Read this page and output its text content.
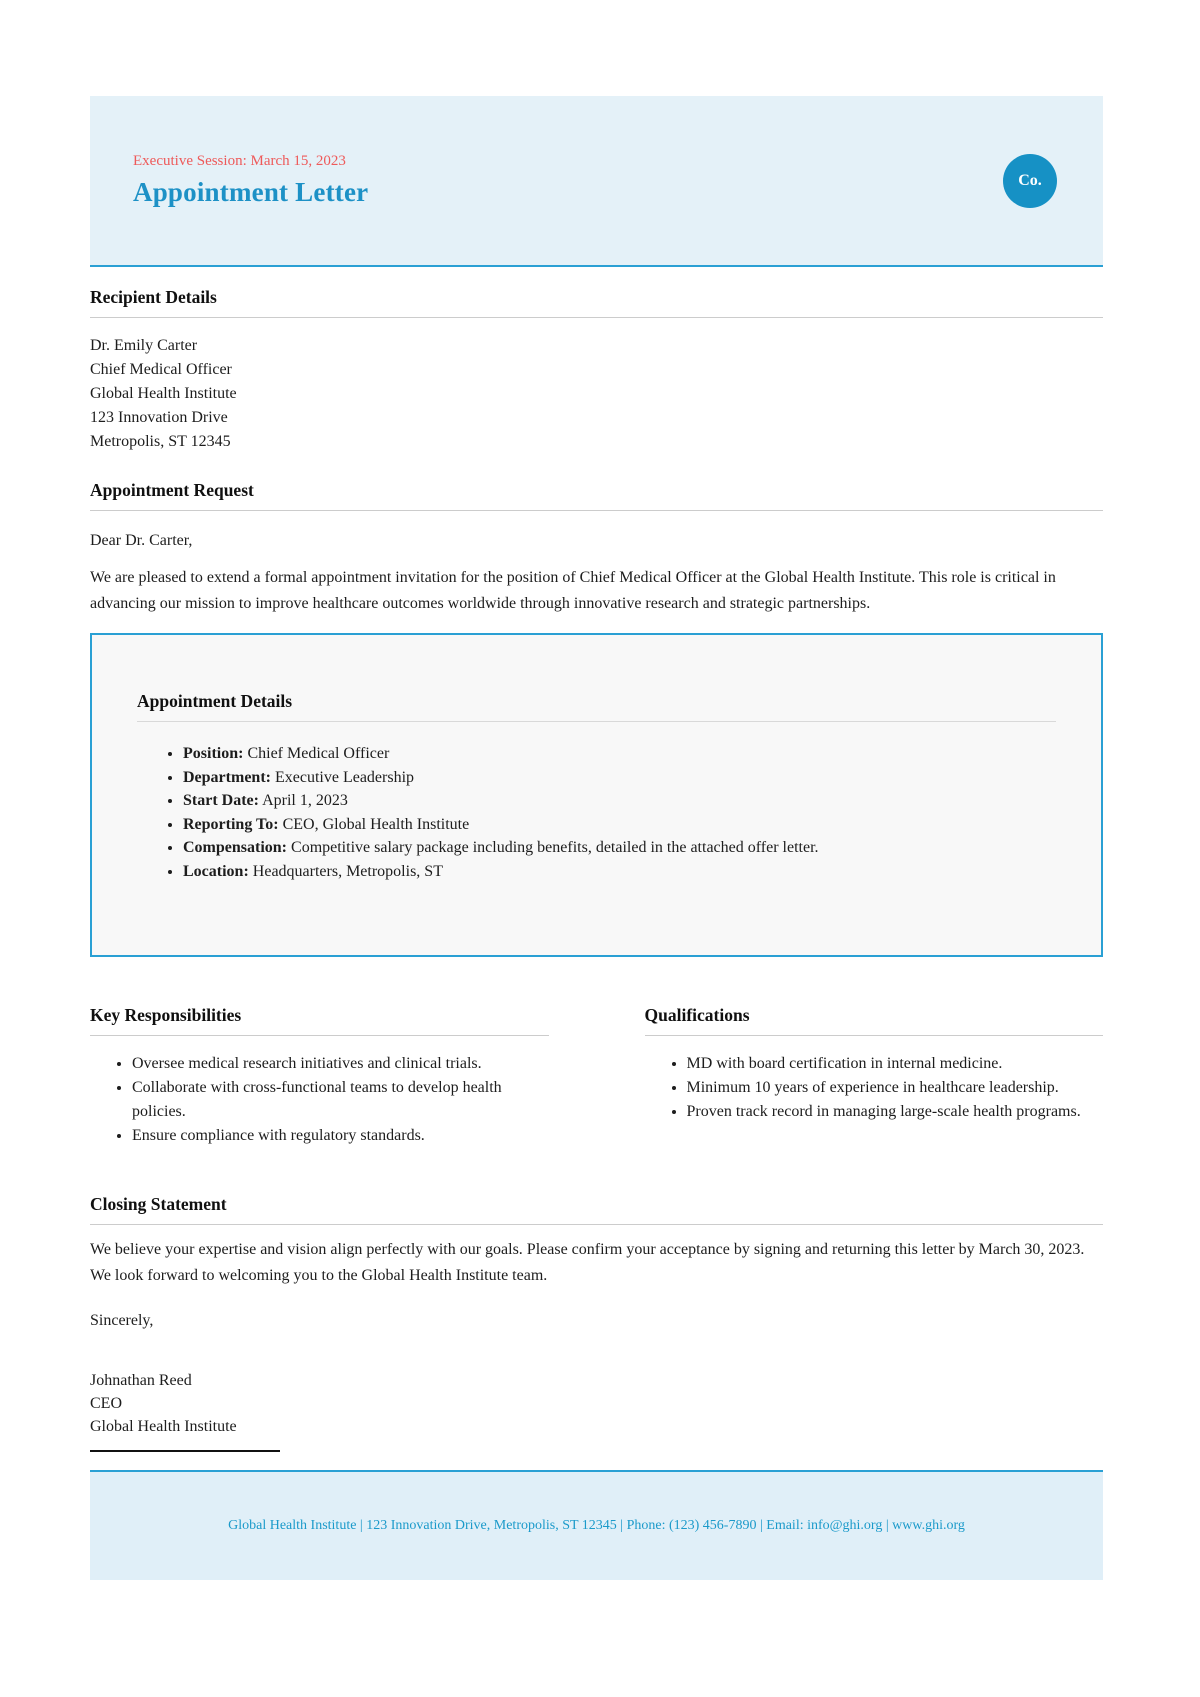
Executive Session: March 15, 2023
Appointment Letter	Co.
Recipient Details
Dr. Emily Carter
Chief Medical Officer
Global Health Institute
123 Innovation Drive
Metropolis, ST 12345
Appointment Request
Dear Dr. Carter,

We are pleased to extend a formal appointment invitation for the position of Chief Medical Officer at the Global Health Institute. This role is critical in advancing our mission to improve healthcare outcomes worldwide through innovative research and strategic partnerships.

Appointment Details
• Position: Chief Medical Officer
• Department: Executive Leadership
• Start Date: April 1, 2023
• Reporting To: CEO, Global Health Institute
• Compensation: Competitive salary package including benefits, detailed in the attached offer letter.
• Location: Headquarters, Metropolis, ST
Key Responsibilities
• Oversee medical research initiatives and clinical trials.
• Collaborate with cross-functional teams to develop health policies.
• Ensure compliance with regulatory standards.
Qualifications
• MD with board certification in internal medicine.
• Minimum 10 years of experience in healthcare leadership.
• Proven track record in managing large-scale health programs.
Closing Statement

We believe your expertise and vision align perfectly with our goals. Please confirm your acceptance by signing and returning this letter by March 30, 2023. We look forward to welcoming you to the Global Health Institute team.

Sincerely,
Johnathan Reed
CEO
Global Health Institute
Global Health Institute | 123 Innovation Drive, Metropolis, ST 12345 | Phone: (123) 456-7890 | Email: info@ghi.org | www.ghi.org
